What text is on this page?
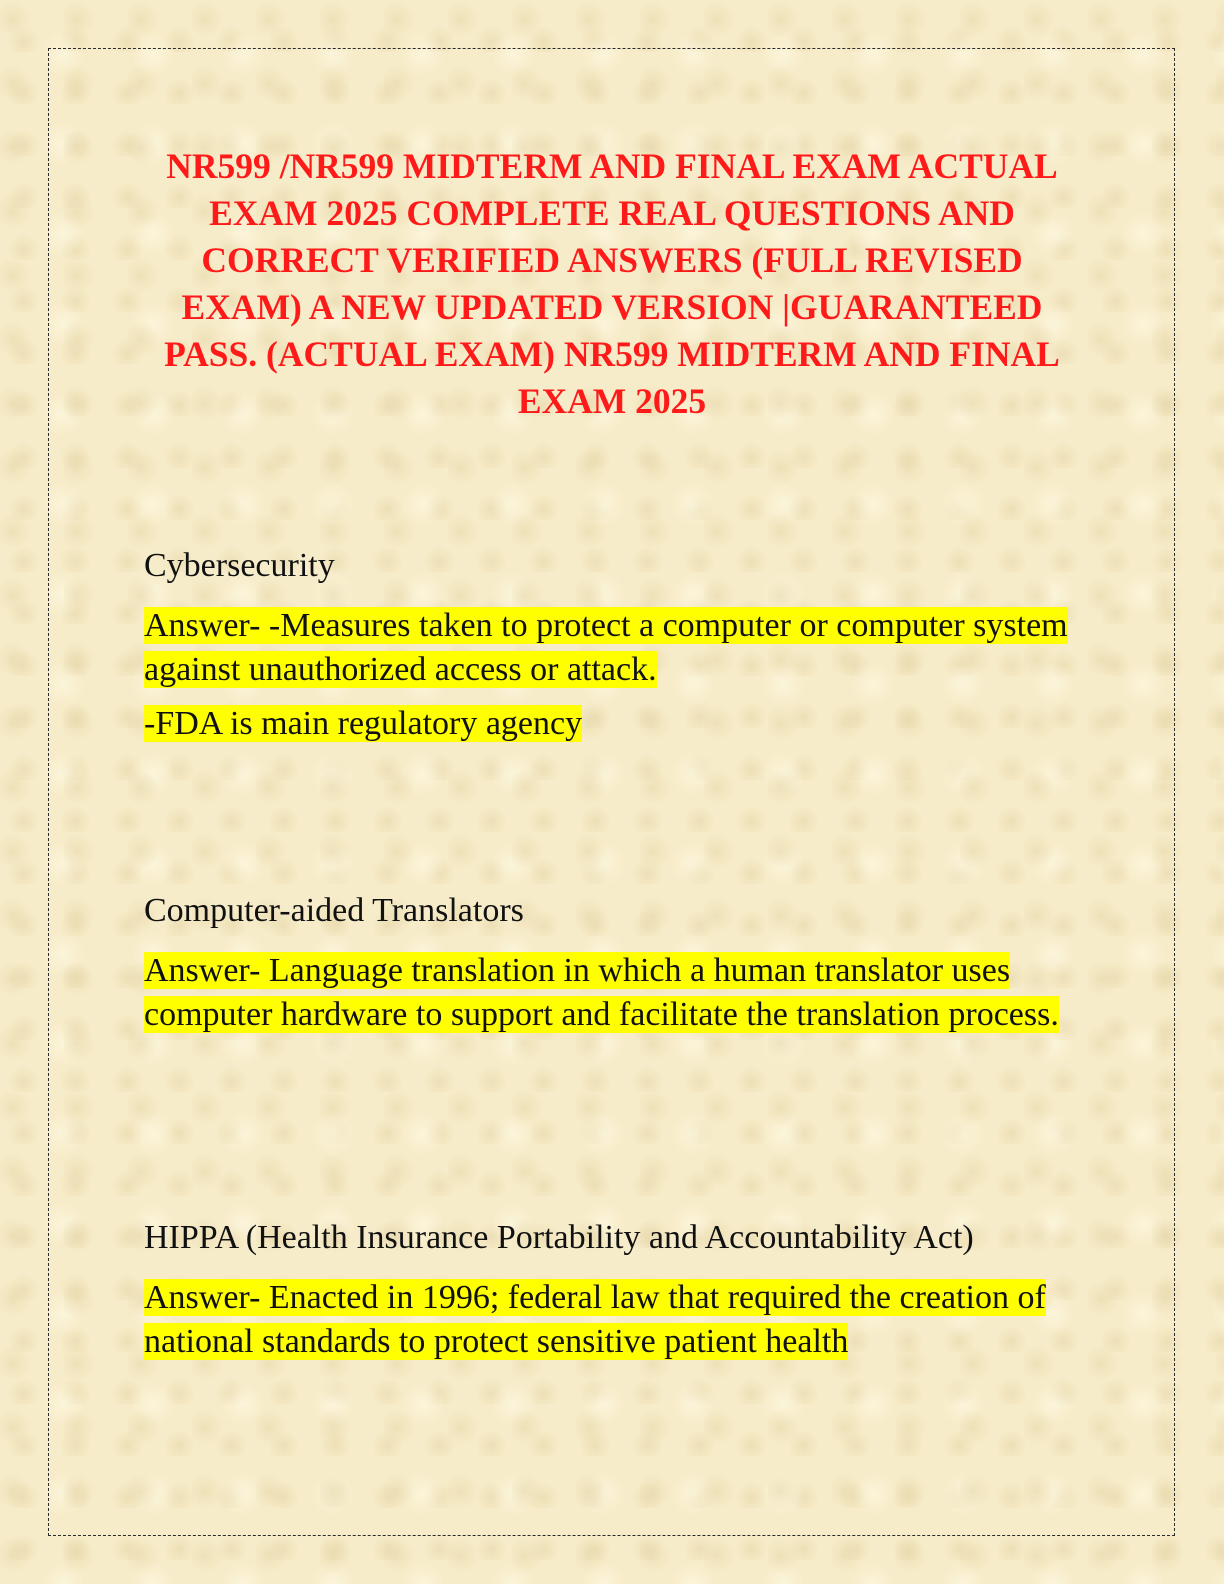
NR599 /NR599 MIDTERM AND FINAL EXAM ACTUAL EXAM 2025 COMPLETE REAL QUESTIONS AND CORRECT VERIFIED ANSWERS (FULL REVISED EXAM) A NEW UPDATED VERSION |GUARANTEED PASS. (ACTUAL EXAM) NR599 MIDTERM AND FINAL EXAM 2025

Cybersecurity

Answer- -Measures taken to protect a computer or computer system against unauthorized access or attack.

-FDA is main regulatory agency

Computer-aided Translators

Answer- Language translation in which a human translator uses computer hardware to support and facilitate the translation process.

HIPPA (Health Insurance Portability and Accountability Act)

Answer- Enacted in 1996; federal law that required the creation of national standards to protect sensitive patient health
